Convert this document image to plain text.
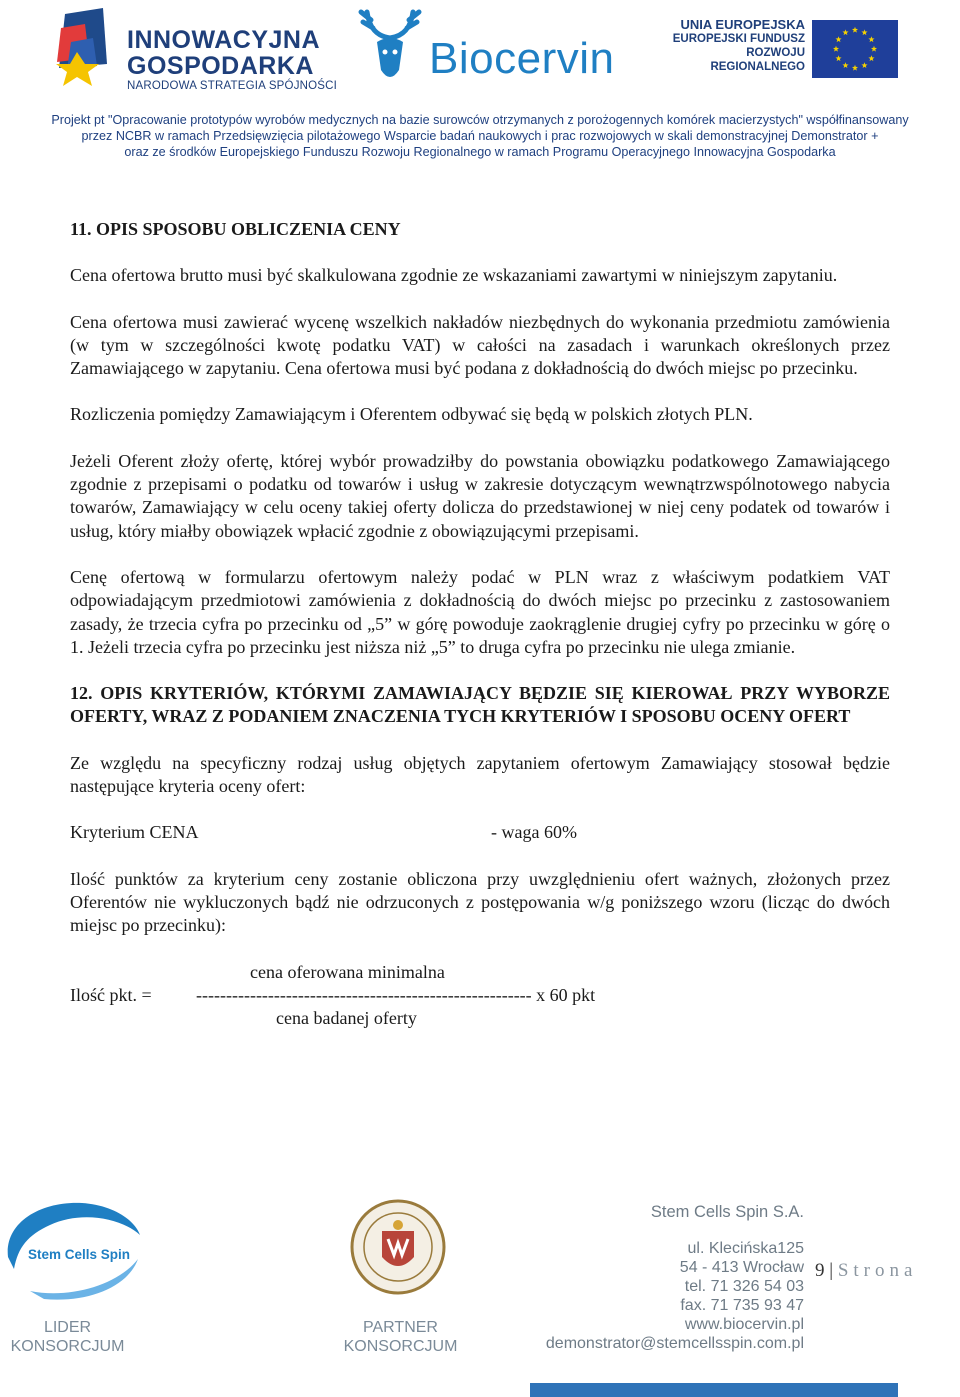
INNOWACYJNA
GOSPODARKA
NARODOWA STRATEGIA SPÓJNOŚCI
Biocervin
UNIA EUROPEJSKA
EUROPEJSKI FUNDUSZ
ROZWOJU REGIONALNEGO
Projekt pt "Opracowanie prototypów wyrobów medycznych na bazie surowców otrzymanych z porożogennych komórek macierzystych" współfinansowany
przez NCBR w ramach Przedsięwzięcia pilotażowego Wsparcie badań naukowych i prac rozwojowych w skali demonstracyjnej Demonstrator +
oraz ze środków Europejskiego Funduszu Rozwoju Regionalnego w ramach Programu Operacyjnego Innowacyjna Gospodarka
11. OPIS SPOSOBU OBLICZENIA CENY

Cena ofertowa brutto musi być skalkulowana zgodnie ze wskazaniami zawartymi w niniejszym zapytaniu.

Cena ofertowa musi zawierać wycenę wszelkich nakładów niezbędnych do wykonania przedmiotu zamówienia (w tym w szczególności kwotę podatku VAT) w całości na zasadach i warunkach określonych przez Zamawiającego w zapytaniu. Cena ofertowa musi być podana z dokładnością do dwóch miejsc po przecinku.

Rozliczenia pomiędzy Zamawiającym i Oferentem odbywać się będą w polskich złotych PLN.

Jeżeli Oferent złoży ofertę, której wybór prowadziłby do powstania obowiązku podatkowego Zamawiającego zgodnie z przepisami o podatku od towarów i usług w zakresie dotyczącym wewnątrzwspólnotowego nabycia towarów, Zamawiający w celu oceny takiej oferty dolicza do przedstawionej w niej ceny podatek od towarów i usług, który miałby obowiązek wpłacić zgodnie z obowiązującymi przepisami.

Cenę ofertową w formularzu ofertowym należy podać w PLN wraz z właściwym podatkiem VAT odpowiadającym przedmiotowi zamówienia z dokładnością do dwóch miejsc po przecinku z zastosowaniem zasady, że trzecia cyfra po przecinku od „5” w górę powoduje zaokrąglenie drugiej cyfry po przecinku w górę o 1. Jeżeli trzecia cyfra po przecinku jest niższa niż „5” to druga cyfra po przecinku nie ulega zmianie.

12. OPIS KRYTERIÓW, KTÓRYMI ZAMAWIAJĄCY BĘDZIE SIĘ KIEROWAŁ PRZY WYBORZE OFERTY, WRAZ Z PODANIEM ZNACZENIA TYCH KRYTERIÓW I SPOSOBU OCENY OFERT

Ze względu na specyficzny rodzaj usług objętych zapytaniem ofertowym Zamawiający stosował będzie następujące kryteria oceny ofert:

Kryterium CENA	- waga 60%

Ilość punktów za kryterium ceny zostanie obliczona przy uwzględnieniu ofert ważnych, złożonych przez Oferentów nie wykluczonych bądź nie odrzuconych z postępowania w/g poniższego wzoru (licząc do dwóch miejsc po przecinku):

cena oferowana minimalna
Ilość pkt. = -------------------------------------------------------- x 60 pkt
cena badanej oferty
Stem Cells Spin
LIDER
KONSORCJUM
PARTNER
KONSORCJUM
Stem Cells Spin S.A.
ul. Klecińska125
54 - 413 Wrocław
tel. 71 326 54 03
fax. 71 735 93 47
www.biocervin.pl
demonstrator@stemcellsspin.com.pl
9 | Strona
